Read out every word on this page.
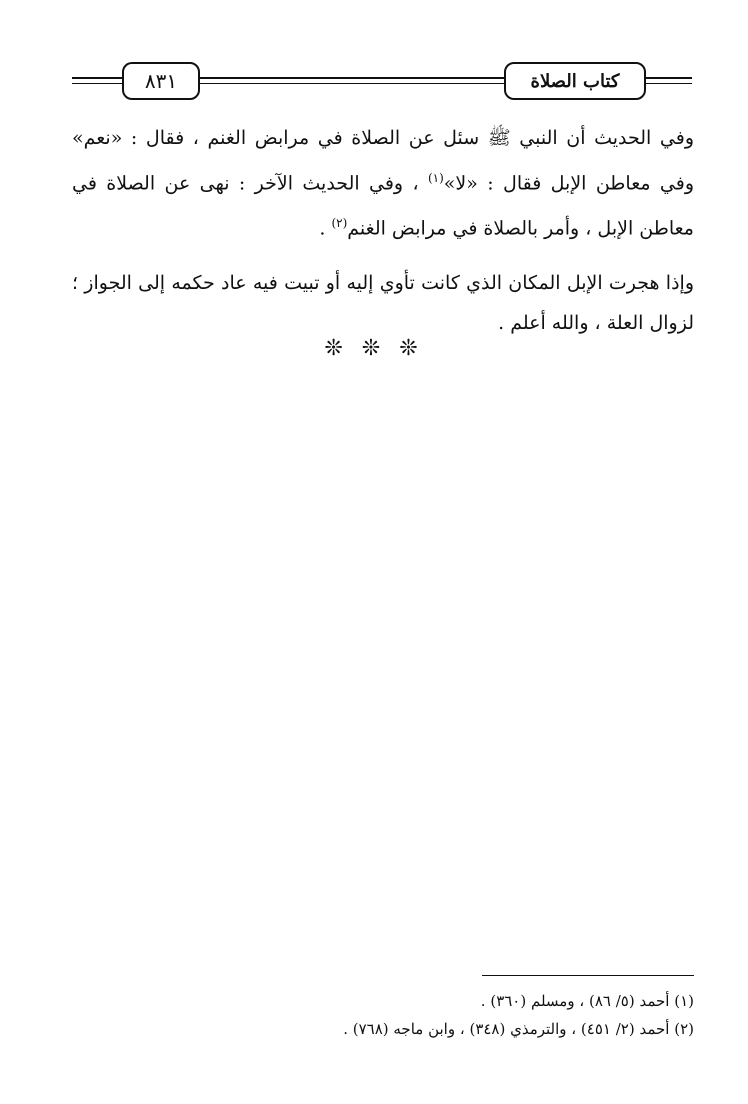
٨٣١	كتاب الصلاة

وفي الحديث أن النبي ﷺ سئل عن الصلاة في مرابض الغنم ، فقال : «نعم» وفي معاطن الإبل فقال : «لا»$^{(١)}$ ، وفي الحديث الآخر : نهى عن الصلاة في معاطن الإبل ، وأمر بالصلاة في مرابض الغنم$^{(٢)}$ .

وإذا هجرت الإبل المكان الذي كانت تأوي إليه أو تبيت فيه عاد حكمه إلى الجواز ؛ لزوال العلة ، والله أعلم .

❊ ❊ ❊

(١) أحمد (٥/ ٨٦) ، ومسلم (٣٦٠) .

(٢) أحمد (٢/ ٤٥١) ، والترمذي (٣٤٨) ، وابن ماجه (٧٦٨) .
